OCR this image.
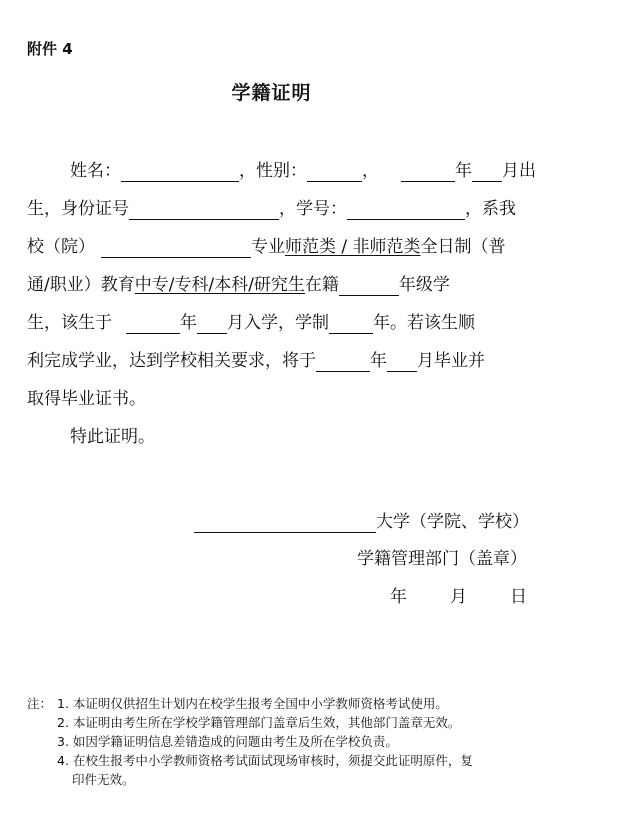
附件 4
学籍证明
姓名：	，性别：	，	年 月出
生，身份证号	，学号：	，系我
校（院）	专业师范类 / 非师范类全日制（普
通/职业）教育中专/专科/本科/研究生在籍	年级学
生，该生于	年 月入学，学制	年。若该生顺
利完成学业，达到学校相关要求，将于	年 月毕业并
取得毕业证书。
特此证明。
大学（学院、学校）
学籍管理部门（盖章）
年	月	日
注： 1. 本证明仅供招生计划内在校学生报考全国中小学教师资格考试使用。
2. 本证明由考生所在学校学籍管理部门盖章后生效，其他部门盖章无效。
3. 如因学籍证明信息差错造成的问题由考生及所在学校负责。
4. 在校生报考中小学教师资格考试面试现场审核时，须提交此证明原件，复
印件无效。
